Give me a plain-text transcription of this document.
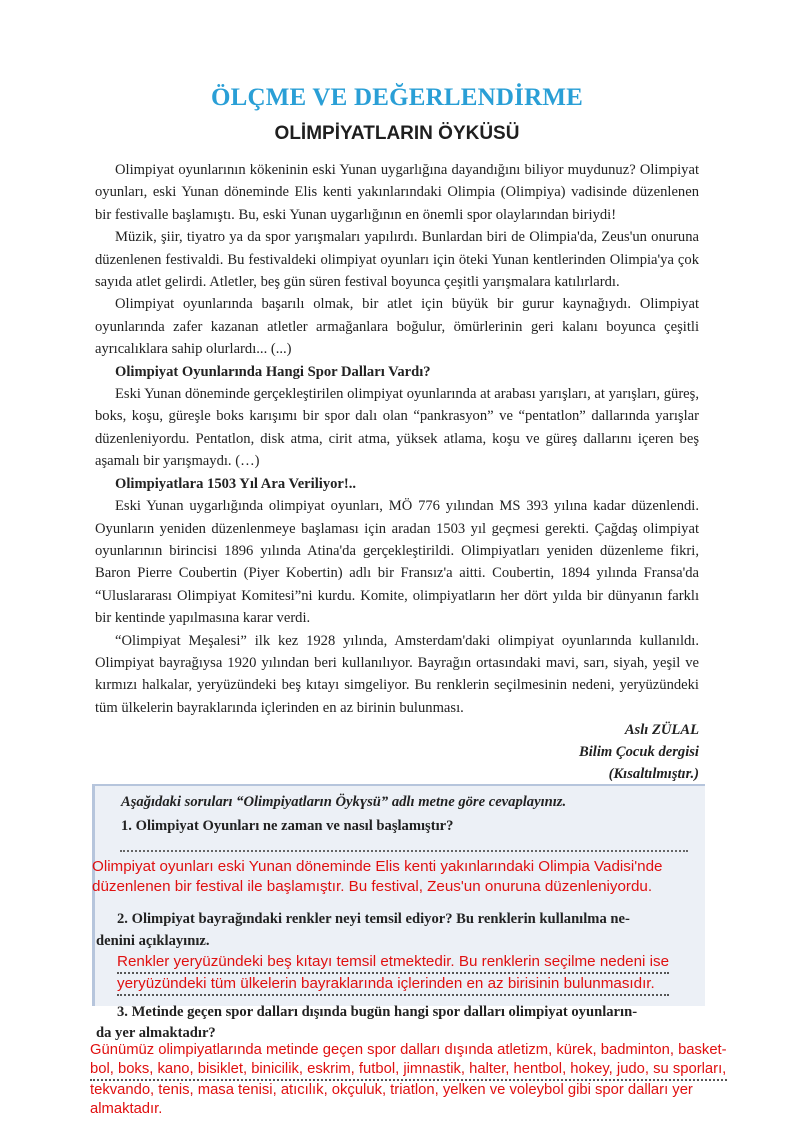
ÖLÇME VE DEĞERLENDİRME
OLİMPİYATLARIN ÖYKÜSÜ

Olimpiyat oyunlarının kökeninin eski Yunan uygarlığına dayandığını biliyor muydunuz? Olimpiyat oyunları, eski Yunan döneminde Elis kenti yakınlarındaki Olimpia (Olimpiya) vadisinde düzenlenen bir festivalle başlamıştı. Bu, eski Yunan uygarlığının en önemli spor olaylarından biriydi!

Müzik, şiir, tiyatro ya da spor yarışmaları yapılırdı. Bunlardan biri de Olimpia'da, Zeus'un onuruna düzenlenen festivaldi. Bu festivaldeki olimpiyat oyunları için öteki Yunan kentlerinden Olimpia'ya çok sayıda atlet gelirdi. Atletler, beş gün süren festival boyunca çeşitli yarışmalara katılırlardı.

Olimpiyat oyunlarında başarılı olmak, bir atlet için büyük bir gurur kaynağıydı. Olimpiyat oyunlarında zafer kazanan atletler armağanlara boğulur, ömürlerinin geri kalanı boyunca çeşitli ayrıcalıklara sahip olurlardı... (...)

Olimpiyat Oyunlarında Hangi Spor Dalları Vardı?

Eski Yunan döneminde gerçekleştirilen olimpiyat oyunlarında at arabası yarışları, at yarışları, güreş, boks, koşu, güreşle boks karışımı bir spor dalı olan “pankrasyon” ve “pentatlon” dallarında yarışlar düzenleniyordu. Pentatlon, disk atma, cirit atma, yüksek atlama, koşu ve güreş dallarını içeren beş aşamalı bir yarışmaydı. (…)

Olimpiyatlara 1503 Yıl Ara Veriliyor!..

Eski Yunan uygarlığında olimpiyat oyunları, MÖ 776 yılından MS 393 yılına kadar düzenlendi. Oyunların yeniden düzenlenmeye başlaması için aradan 1503 yıl geçmesi gerekti. Çağdaş olimpiyat oyunlarının birincisi 1896 yılında Atina'da gerçekleştirildi. Olimpiyatları yeniden düzenleme fikri, Baron Pierre Coubertin (Piyer Kobertin) adlı bir Fransız'a aitti. Coubertin, 1894 yılında Fransa'da “Uluslararası Olimpiyat Komitesi”ni kurdu. Komite, olimpiyatların her dört yılda bir dünyanın farklı bir kentinde yapılmasına karar verdi.

“Olimpiyat Meşalesi” ilk kez 1928 yılında, Amsterdam'daki olimpiyat oyunlarında kullanıldı. Olimpiyat bayrağıysa 1920 yılından beri kullanılıyor. Bayrağın ortasındaki mavi, sarı, siyah, yeşil ve kırmızı halkalar, yeryüzündeki beş kıtayı simgeliyor. Bu renklerin seçilmesinin nedeni, yeryüzündeki tüm ülkelerin bayraklarında içlerinden en az birinin bulunması.

Aslı ZÜLAL
Bilim Çocuk dergisi
(Kısaltılmıştır.)
Aşağıdaki soruları “Olimpiyatların Öykүsü” adlı metne göre cevaplayınız.
1. Olimpiyat Oyunları ne zaman ve nasıl başlamıştır?
Olimpiyat oyunları eski Yunan döneminde Elis kenti yakınlarındaki Olimpia Vadisi'nde
düzenlenen bir festival ile başlamıştır. Bu festival, Zeus'un onuruna düzenleniyordu.
2. Olimpiyat bayrağındaki renkler neyi temsil ediyor? Bu renklerin kullanılma ne-
denini açıklayınız.
Renkler yeryüzündeki beş kıtayı temsil etmektedir. Bu renklerin seçilme nedeni ise
yeryüzündeki tüm ülkelerin bayraklarında içlerinden en az birisinin bulunmasıdır.
3. Metinde geçen spor dalları dışında bugün hangi spor dalları olimpiyat oyunların-
da yer almaktadır?
Günümüz olimpiyatlarında metinde geçen spor dalları dışında atletizm, kürek, badminton, basket-
bol, boks, kano, bisiklet, binicilik, eskrim, futbol, jimnastik, halter, hentbol, hokey, judo, su sporları,
tekvando, tenis, masa tenisi, atıcılık, okçuluk, triatlon, yelken ve voleybol gibi spor dalları yer
almaktadır.
